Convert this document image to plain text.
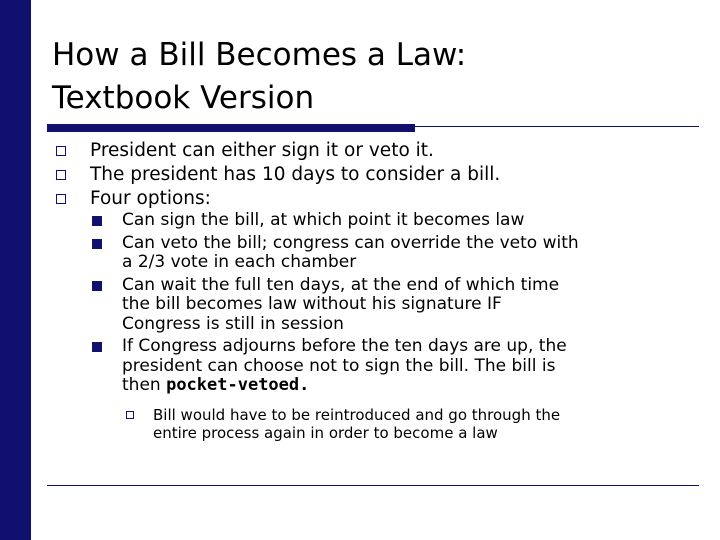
How a Bill Becomes a Law:
Textbook Version
President can either sign it or veto it.
The president has 10 days to consider a bill.
Four options:
Can sign the bill, at which point it becomes law
Can veto the bill; congress can override the veto with
a 2/3 vote in each chamber
Can wait the full ten days, at the end of which time
the bill becomes law without his signature IF
Congress is still in session
If Congress adjourns before the ten days are up, the
president can choose not to sign the bill. The bill is
then pocket-vetoed.
Bill would have to be reintroduced and go through the
entire process again in order to become a law
